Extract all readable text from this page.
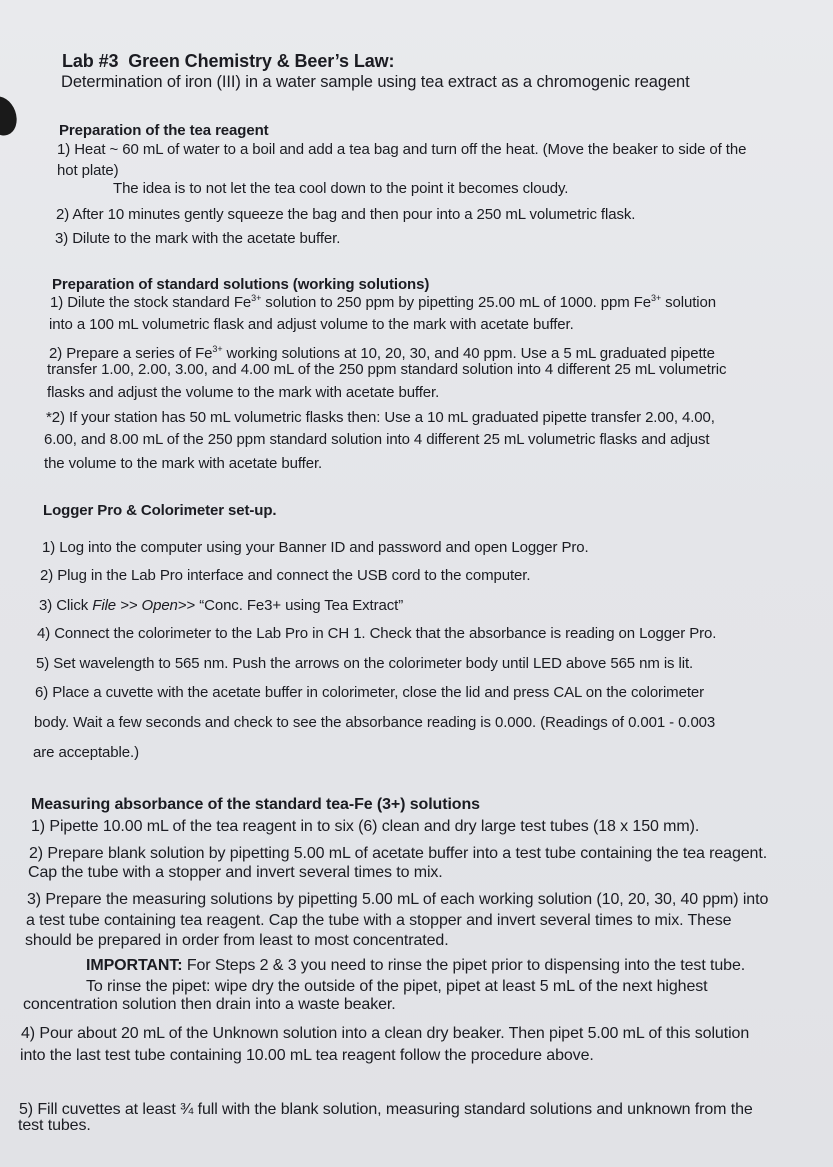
Lab #3 Green Chemistry & Beer’s Law:
Determination of iron (III) in a water sample using tea extract as a chromogenic reagent
Preparation of the tea reagent
1) Heat ~ 60 mL of water to a boil and add a tea bag and turn off the heat. (Move the beaker to side of the
hot plate)
The idea is to not let the tea cool down to the point it becomes cloudy.
2) After 10 minutes gently squeeze the bag and then pour into a 250 mL volumetric flask.
3) Dilute to the mark with the acetate buffer.
Preparation of standard solutions (working solutions)
1) Dilute the stock standard $Fe^{3+}$ solution to 250 ppm by pipetting 25.00 mL of 1000. ppm $Fe^{3+}$ solution
into a 100 mL volumetric flask and adjust volume to the mark with acetate buffer.
2) Prepare a series of $Fe^{3+}$ working solutions at 10, 20, 30, and 40 ppm. Use a 5 mL graduated pipette
transfer 1.00, 2.00, 3.00, and 4.00 mL of the 250 ppm standard solution into 4 different 25 mL volumetric
flasks and adjust the volume to the mark with acetate buffer.
*2) If your station has 50 mL volumetric flasks then: Use a 10 mL graduated pipette transfer 2.00, 4.00,
6.00, and 8.00 mL of the 250 ppm standard solution into 4 different 25 mL volumetric flasks and adjust
the volume to the mark with acetate buffer.
Logger Pro & Colorimeter set-up.
1) Log into the computer using your Banner ID and password and open Logger Pro.
2) Plug in the Lab Pro interface and connect the USB cord to the computer.
3) Click File >> Open>> “Conc. Fe3+ using Tea Extract”
4) Connect the colorimeter to the Lab Pro in CH 1. Check that the absorbance is reading on Logger Pro.
5) Set wavelength to 565 nm. Push the arrows on the colorimeter body until LED above 565 nm is lit.
6) Place a cuvette with the acetate buffer in colorimeter, close the lid and press CAL on the colorimeter
body. Wait a few seconds and check to see the absorbance reading is 0.000. (Readings of 0.001 - 0.003
are acceptable.)
Measuring absorbance of the standard tea-Fe (3+) solutions
1) Pipette 10.00 mL of the tea reagent in to six (6) clean and dry large test tubes (18 x 150 mm).
2) Prepare blank solution by pipetting 5.00 mL of acetate buffer into a test tube containing the tea reagent.
Cap the tube with a stopper and invert several times to mix.
3) Prepare the measuring solutions by pipetting 5.00 mL of each working solution (10, 20, 30, 40 ppm) into
a test tube containing tea reagent. Cap the tube with a stopper and invert several times to mix. These
should be prepared in order from least to most concentrated.
IMPORTANT: For Steps 2 & 3 you need to rinse the pipet prior to dispensing into the test tube.
To rinse the pipet: wipe dry the outside of the pipet, pipet at least 5 mL of the next highest
concentration solution then drain into a waste beaker.
4) Pour about 20 mL of the Unknown solution into a clean dry beaker. Then pipet 5.00 mL of this solution
into the last test tube containing 10.00 mL tea reagent follow the procedure above.
5) Fill cuvettes at least ¾ full with the blank solution, measuring standard solutions and unknown from the
test tubes.
